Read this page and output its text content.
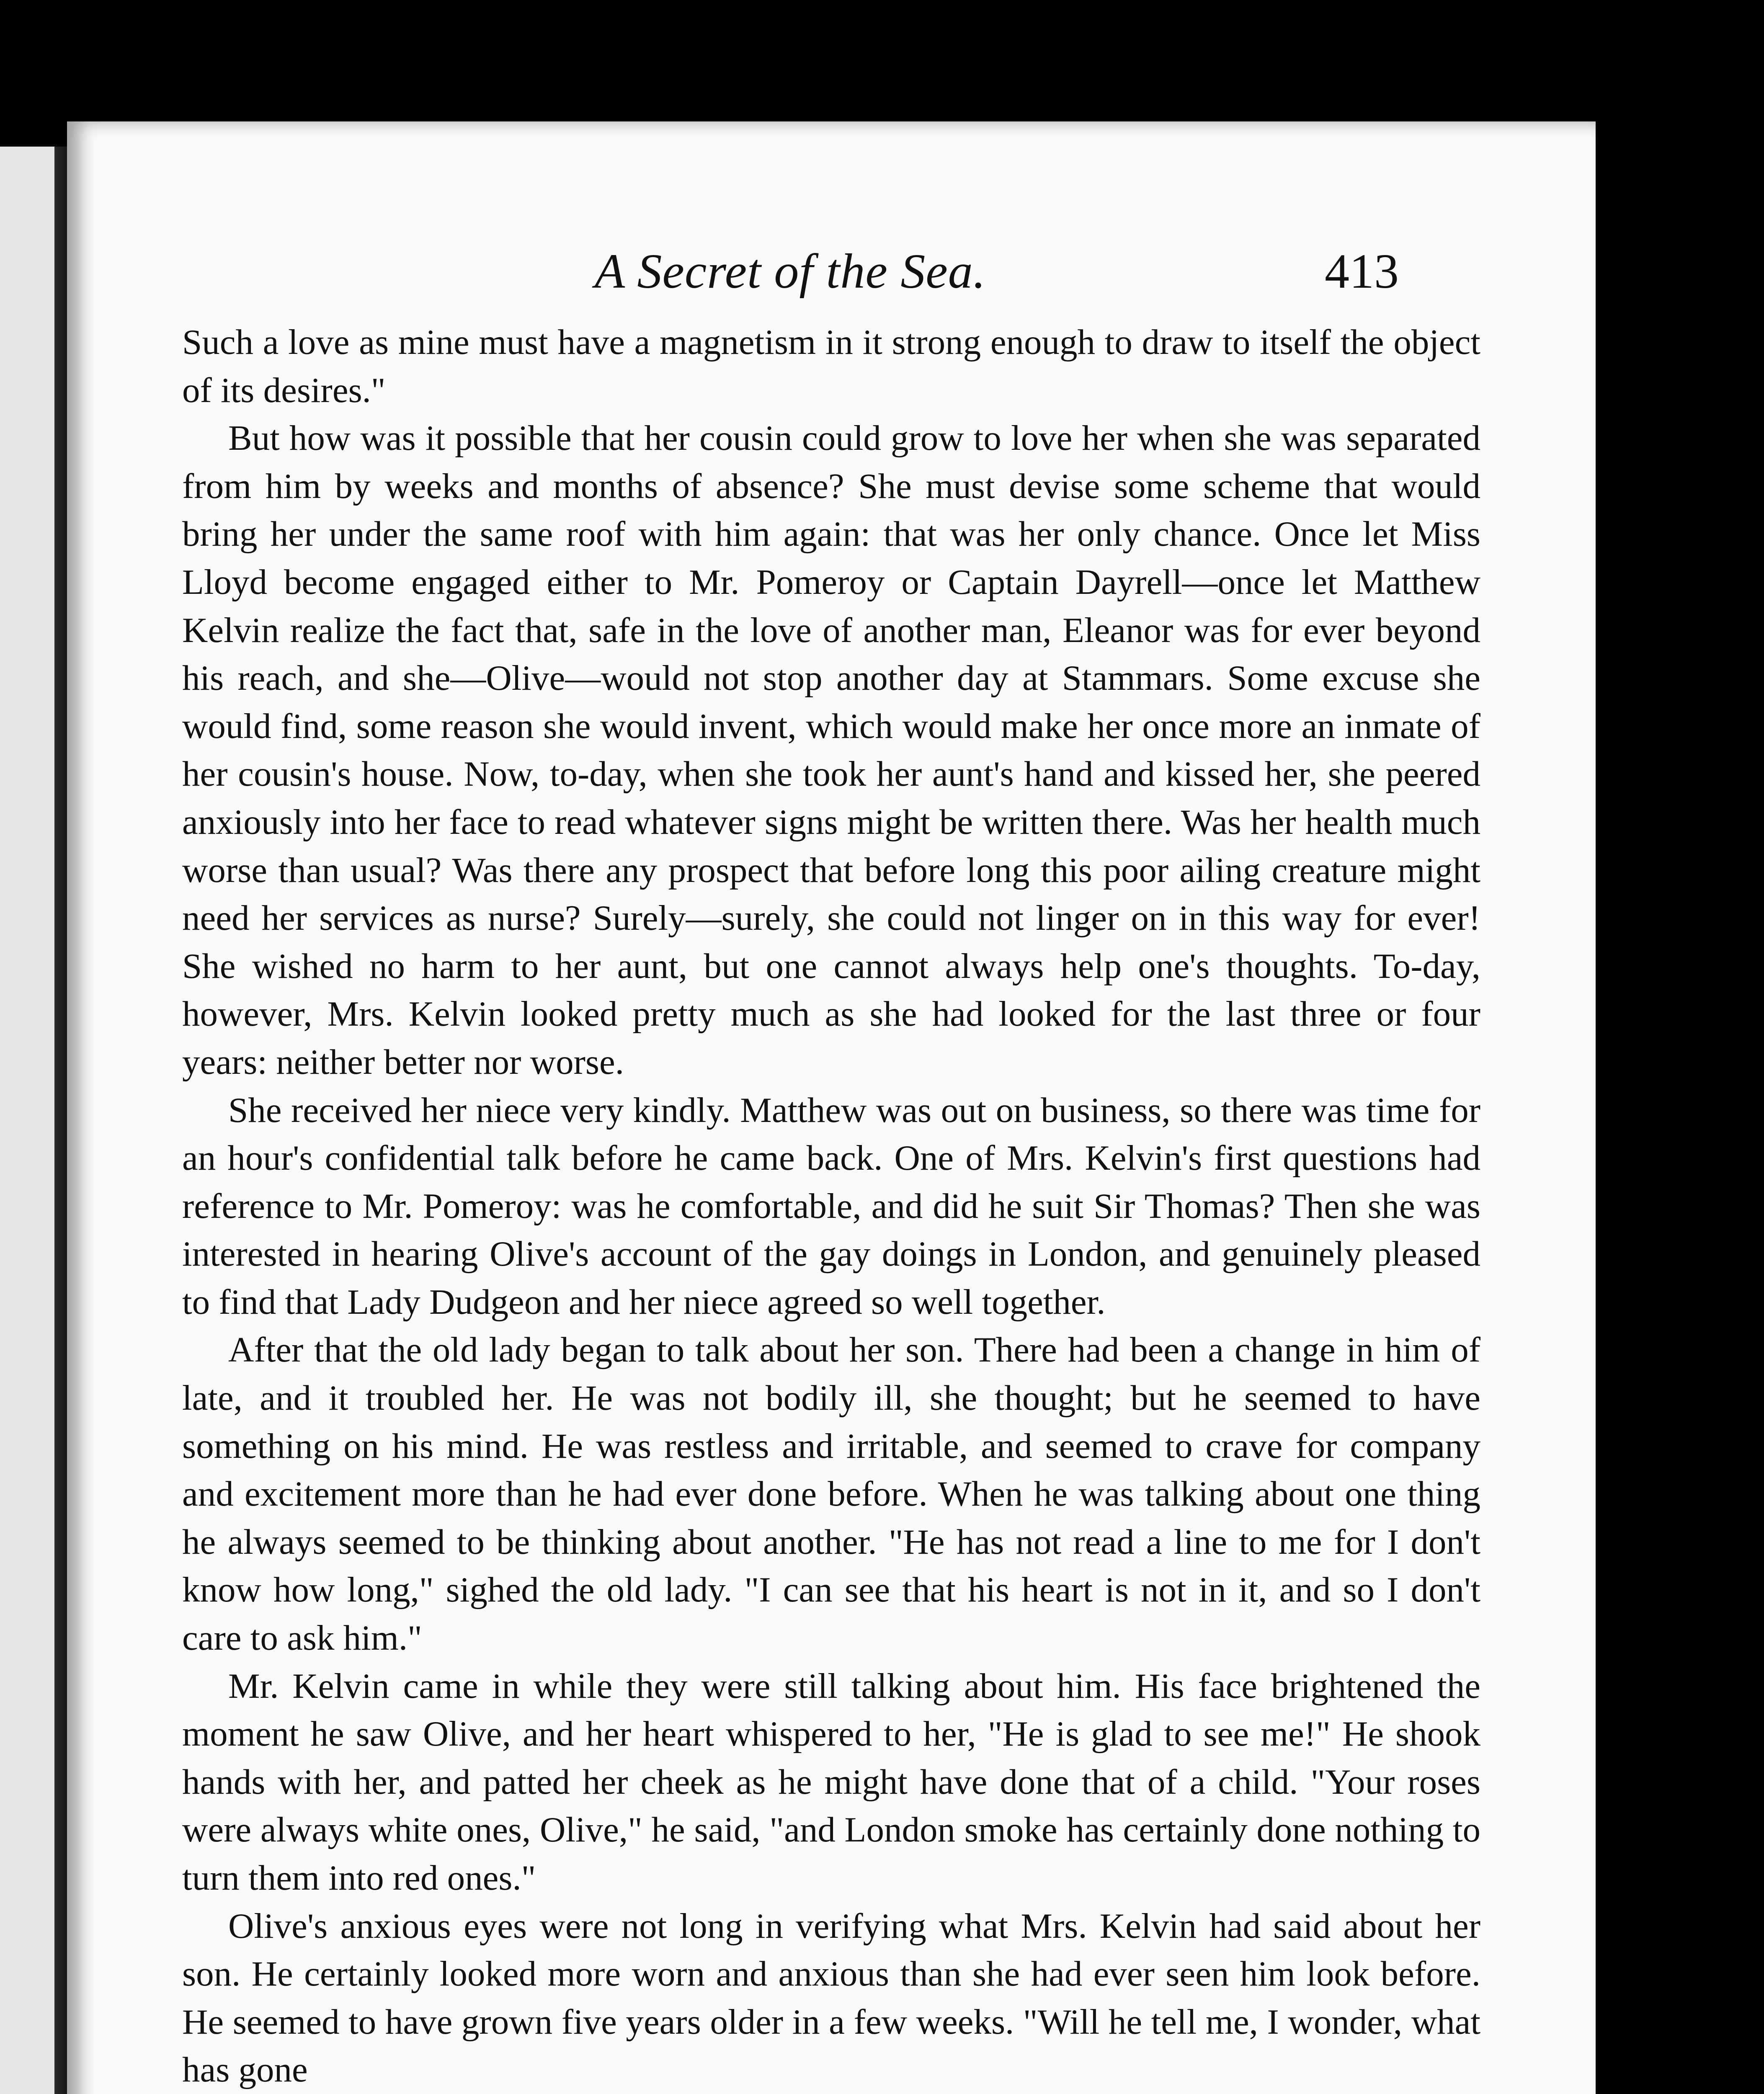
A Secret of the Sea.	413

Such a love as mine must have a magnetism in it strong enough to draw to itself the object of its desires."

But how was it possible that her cousin could grow to love her when she was separated from him by weeks and months of absence? She must devise some scheme that would bring her under the same roof with him again: that was her only chance. Once let Miss Lloyd become engaged either to Mr. Pomeroy or Captain Dayrell—once let Matthew Kelvin realize the fact that, safe in the love of another man, Eleanor was for ever beyond his reach, and she—Olive—would not stop another day at Stammars. Some excuse she would find, some reason she would invent, which would make her once more an inmate of her cousin's house. Now, to-day, when she took her aunt's hand and kissed her, she peered anxiously into her face to read whatever signs might be written there. Was her health much worse than usual? Was there any prospect that before long this poor ailing creature might need her services as nurse? Surely—surely, she could not linger on in this way for ever! She wished no harm to her aunt, but one cannot always help one's thoughts. To-day, however, Mrs. Kelvin looked pretty much as she had looked for the last three or four years: neither better nor worse.

She received her niece very kindly. Matthew was out on business, so there was time for an hour's confidential talk before he came back. One of Mrs. Kelvin's first questions had reference to Mr. Pomeroy: was he comfortable, and did he suit Sir Thomas? Then she was interested in hearing Olive's account of the gay doings in London, and genuinely pleased to find that Lady Dudgeon and her niece agreed so well together.

After that the old lady began to talk about her son. There had been a change in him of late, and it troubled her. He was not bodily ill, she thought; but he seemed to have something on his mind. He was restless and irritable, and seemed to crave for company and excitement more than he had ever done before. When he was talking about one thing he always seemed to be thinking about another. "He has not read a line to me for I don't know how long," sighed the old lady. "I can see that his heart is not in it, and so I don't care to ask him."

Mr. Kelvin came in while they were still talking about him. His face brightened the moment he saw Olive, and her heart whispered to her, "He is glad to see me!" He shook hands with her, and patted her cheek as he might have done that of a child. "Your roses were always white ones, Olive," he said, "and London smoke has certainly done nothing to turn them into red ones."

Olive's anxious eyes were not long in verifying what Mrs. Kelvin had said about her son. He certainly looked more worn and anxious than she had ever seen him look before. He seemed to have grown five years older in a few weeks. "Will he tell me, I wonder, what has gone
